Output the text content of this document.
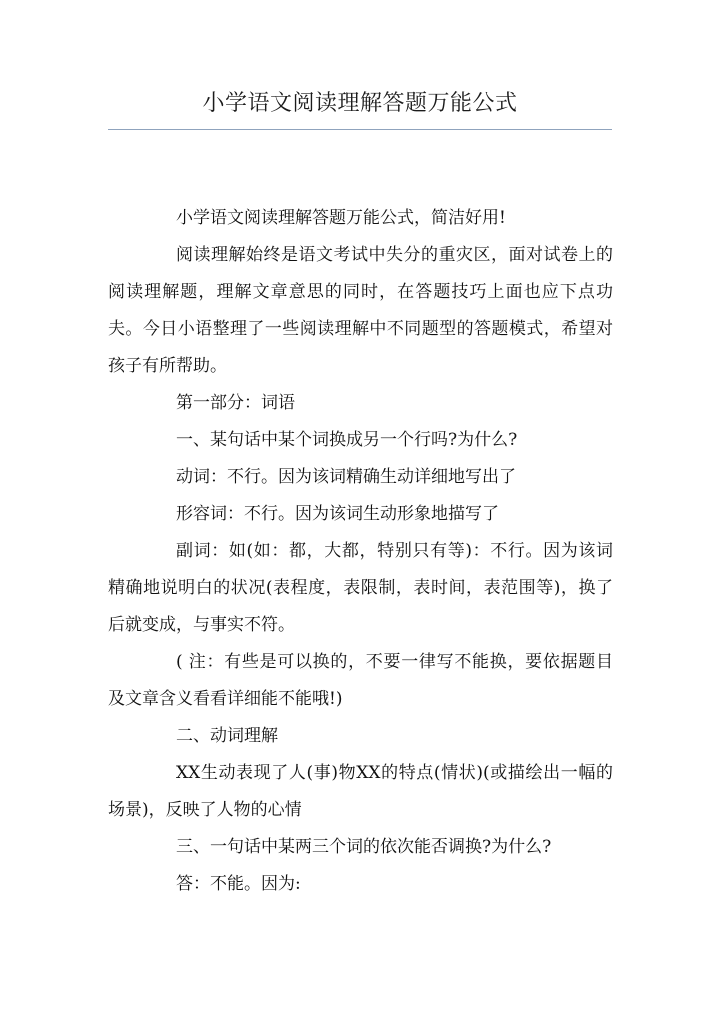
小学语文阅读理解答题万能公式

小学语文阅读理解答题万能公式，简洁好用!

阅读理解始终是语文考试中失分的重灾区，面对试卷上的阅读理解题，理解文章意思的同时，在答题技巧上面也应下点功夫。今日小语整理了一些阅读理解中不同题型的答题模式，希望对孩子有所帮助。

第一部分：词语

一、某句话中某个词换成另一个行吗?为什么?

动词：不行。因为该词精确生动详细地写出了

形容词：不行。因为该词生动形象地描写了

副词：如(如：都，大都，特别只有等)：不行。因为该词精确地说明白的状况(表程度，表限制，表时间，表范围等)，换了后就变成，与事实不符。

( 注：有些是可以换的，不要一律写不能换，要依据题目及文章含义看看详细能不能哦!)

二、动词理解

XX生动表现了人(事)物XX的特点(情状)(或描绘出一幅的场景)，反映了人物的心情

三、一句话中某两三个词的依次能否调换?为什么?

答：不能。因为:
